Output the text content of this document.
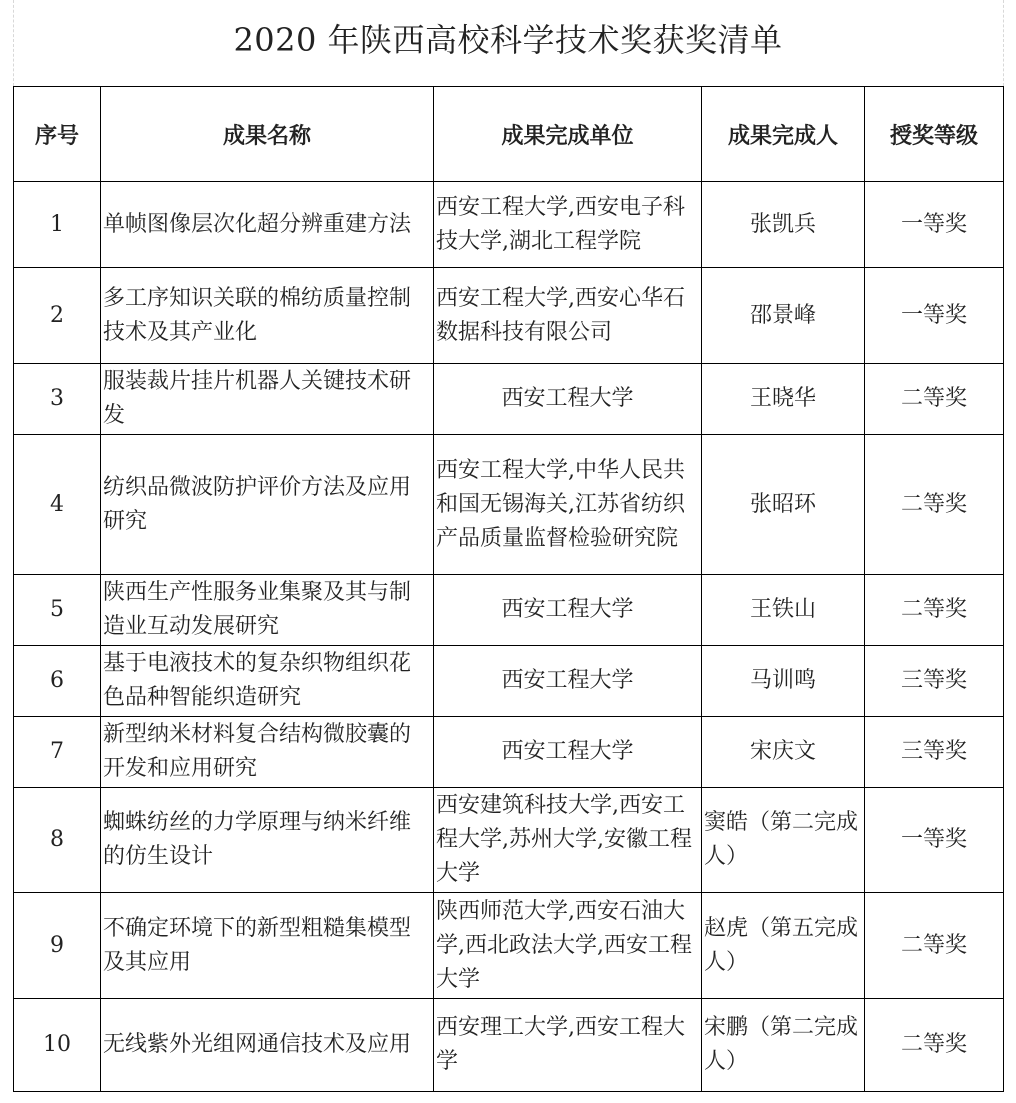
2020 年陕西高校科学技术奖获奖清单
序号	成果名称	成果完成单位	成果完成人	授奖等级
1	单帧图像层次化超分辨重建方法	西安工程大学,西安电子科技大学,湖北工程学院	张凯兵	一等奖
2	多工序知识关联的棉纺质量控制技术及其产业化	西安工程大学,西安心华石数据科技有限公司	邵景峰	一等奖
3	服装裁片挂片机器人关键技术研发	西安工程大学	王晓华	二等奖
4	纺织品微波防护评价方法及应用研究	西安工程大学,中华人民共和国无锡海关,江苏省纺织产品质量监督检验研究院	张昭环	二等奖
5	陕西生产性服务业集聚及其与制造业互动发展研究	西安工程大学	王铁山	二等奖
6	基于电液技术的复杂织物组织花色品种智能织造研究	西安工程大学	马训鸣	三等奖
7	新型纳米材料复合结构微胶囊的开发和应用研究	西安工程大学	宋庆文	三等奖
8	蜘蛛纺丝的力学原理与纳米纤维的仿生设计	西安建筑科技大学,西安工程大学,苏州大学,安徽工程大学	窦皓（第二完成人）	一等奖
9	不确定环境下的新型粗糙集模型及其应用	陕西师范大学,西安石油大学,西北政法大学,西安工程大学	赵虎（第五完成人）	二等奖
10	无线紫外光组网通信技术及应用	西安理工大学,西安工程大学	宋鹏（第二完成人）	二等奖
